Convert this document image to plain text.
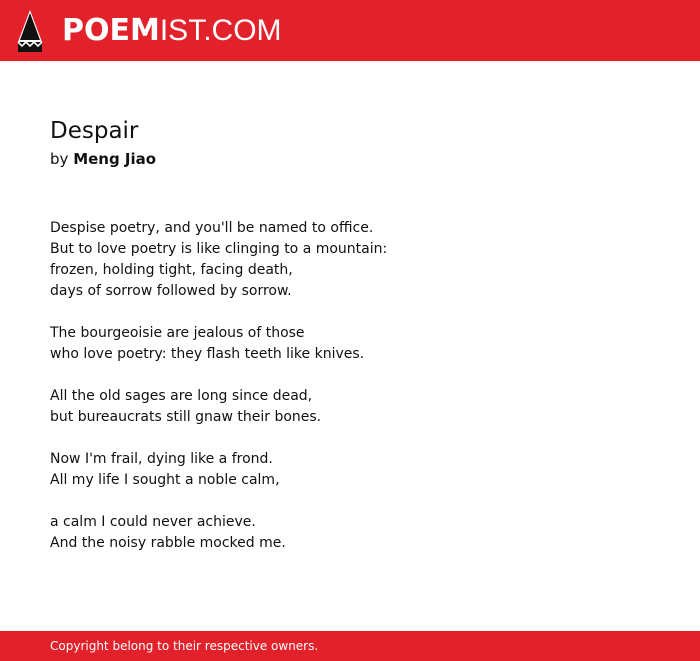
POEMIST.COM
Despair
by Meng Jiao
Despise poetry, and you'll be named to office.
But to love poetry is like clinging to a mountain:
frozen, holding tight, facing death,
days of sorrow followed by sorrow.
The bourgeoisie are jealous of those
who love poetry: they flash teeth like knives.
All the old sages are long since dead,
but bureaucrats still gnaw their bones.
Now I'm frail, dying like a frond.
All my life I sought a noble calm,
a calm I could never achieve.
And the noisy rabble mocked me.
Copyright belong to their respective owners.
